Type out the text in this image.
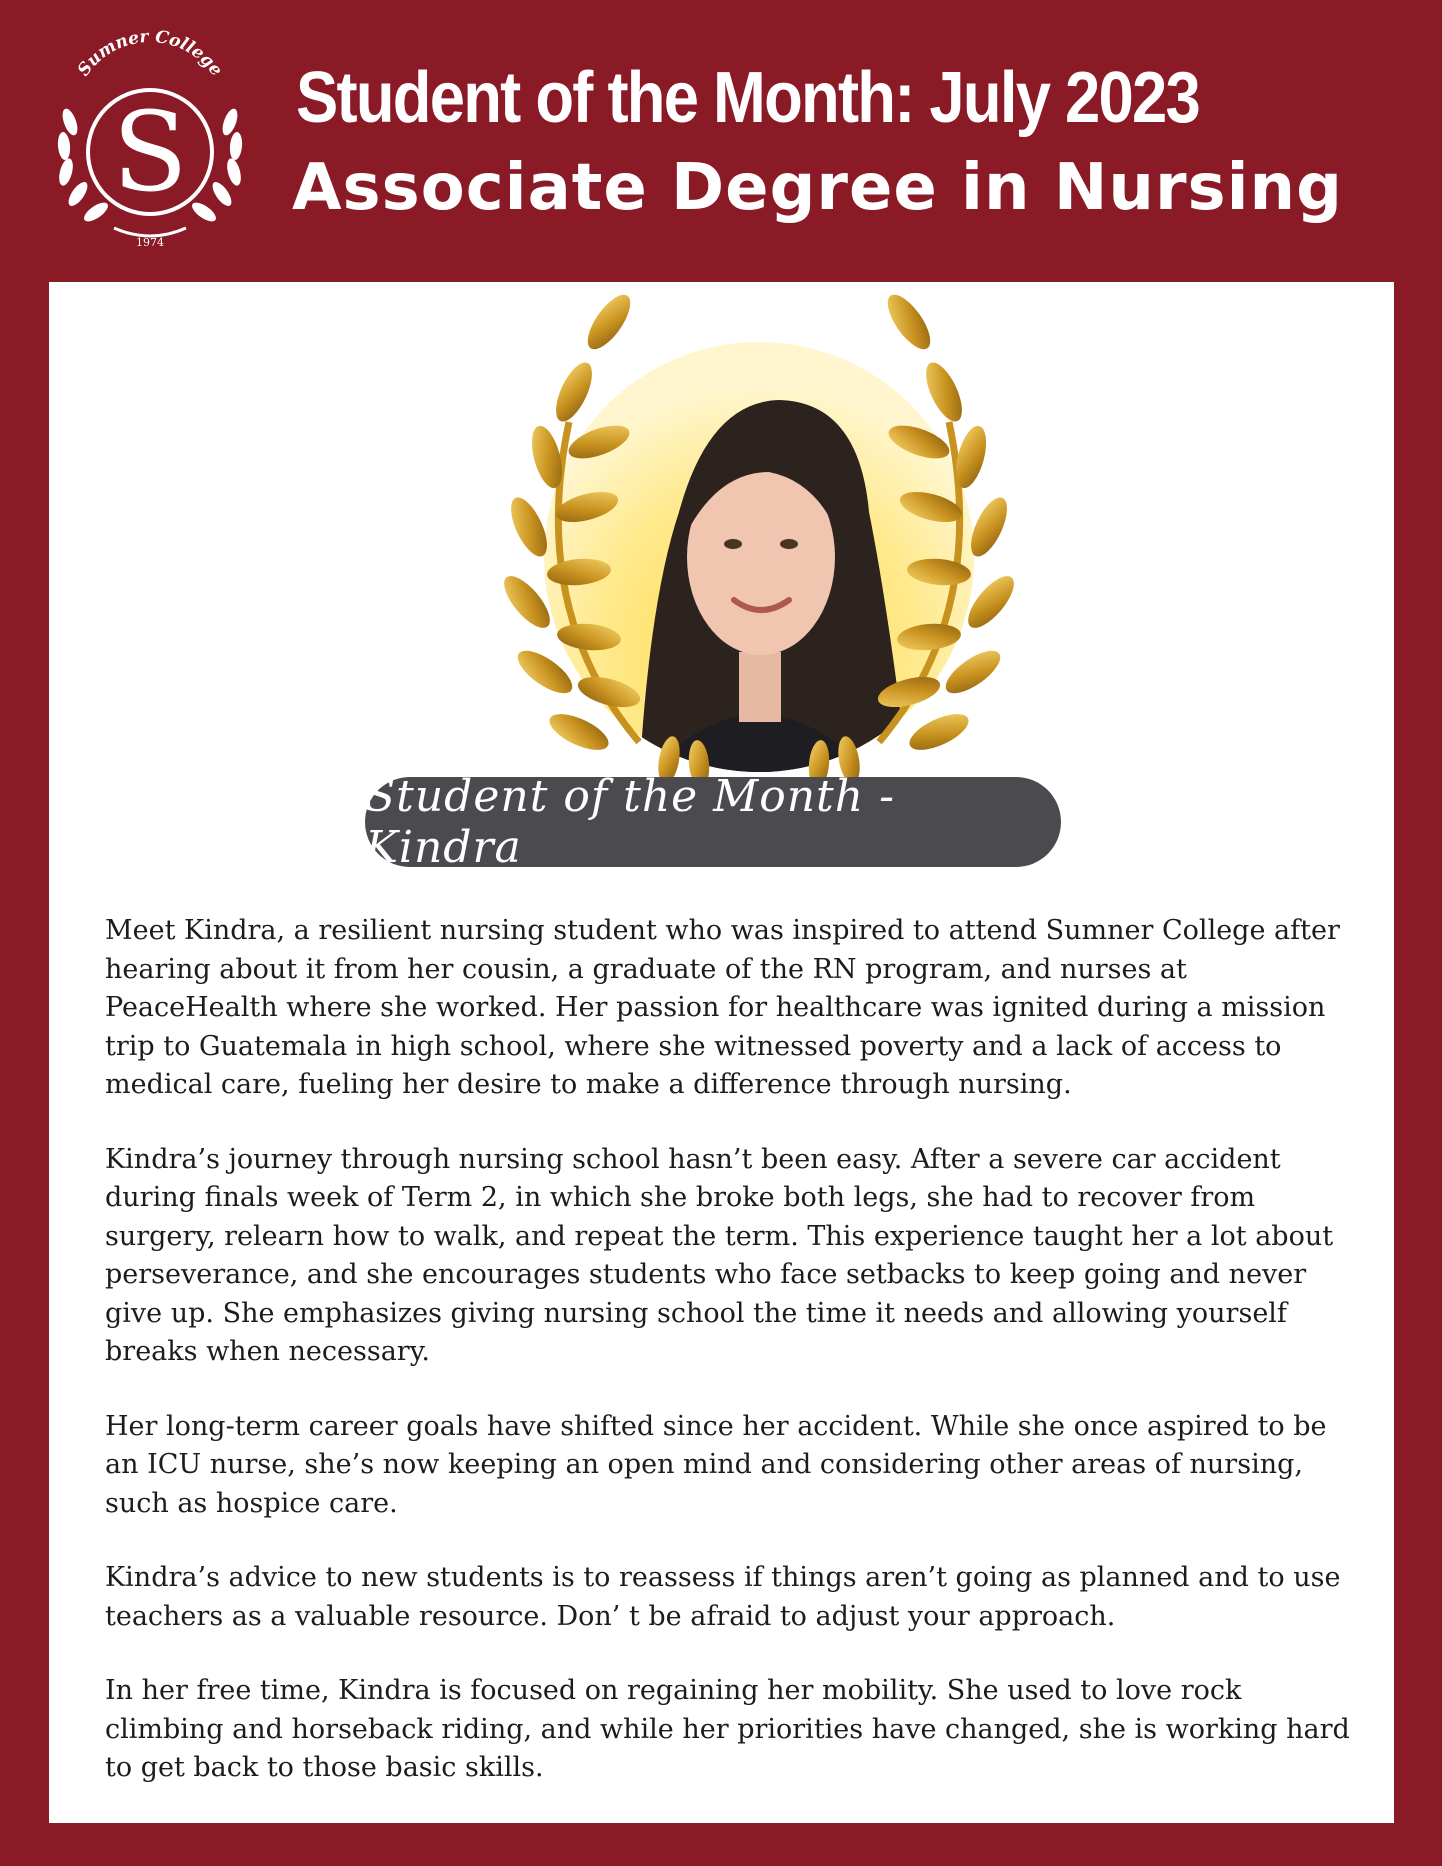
Sumner College
S
1974
Student of the Month: July 2023
Associate Degree in Nursing
Student of the Month - Kindra

Meet Kindra, a resilient nursing student who was inspired to attend Sumner College after hearing about it from her cousin, a graduate of the RN program, and nurses at PeaceHealth where she worked. Her passion for healthcare was ignited during a mission trip to Guatemala in high school, where she witnessed poverty and a lack of access to medical care, fueling her desire to make a difference through nursing.

Kindra’s journey through nursing school hasn’t been easy. After a severe car accident during finals week of Term 2, in which she broke both legs, she had to recover from surgery, relearn how to walk, and repeat the term. This experience taught her a lot about perseverance, and she encourages students who face setbacks to keep going and never give up. She emphasizes giving nursing school the time it needs and allowing yourself breaks when necessary.

Her long-term career goals have shifted since her accident. While she once aspired to be an ICU nurse, she’s now keeping an open mind and considering other areas of nursing, such as hospice care.

Kindra’s advice to new students is to reassess if things aren’t going as planned and to use teachers as a valuable resource. Don’ t be afraid to adjust your approach.

In her free time, Kindra is focused on regaining her mobility. She used to love rock climbing and horseback riding, and while her priorities have changed, she is working hard to get back to those basic skills.
